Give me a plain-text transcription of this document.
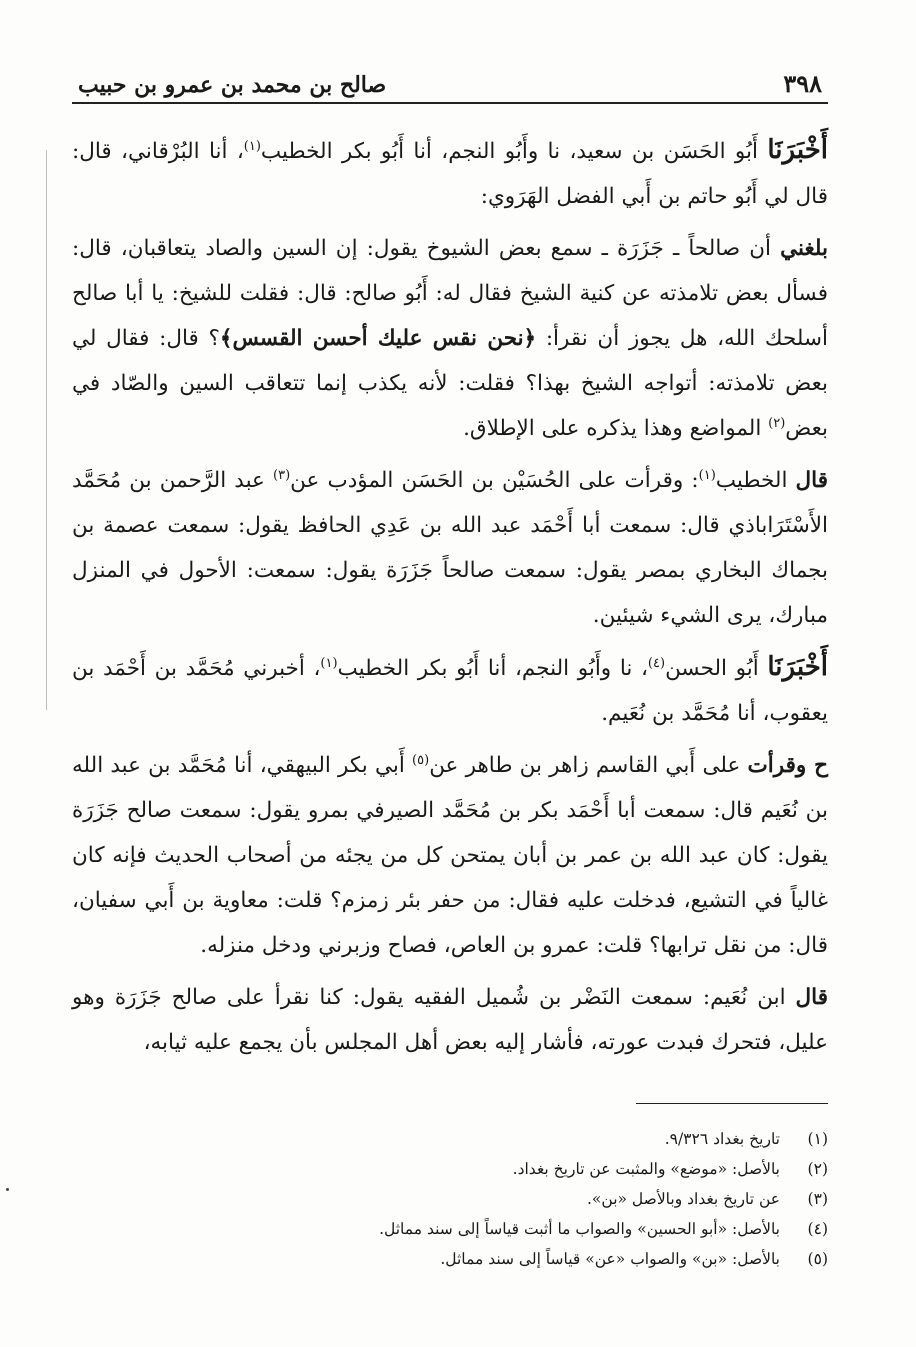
٣٩٨
صالح بن محمد بن عمرو بن حبيب

أَخْبَرَنَا أَبُو الحَسَن بن سعيد، نا وأَبُو النجم، أنا أَبُو بكر الخطيب$^{(١)}$، أنا البُرْقاني، قال: قال لي أَبُو حاتم بن أَبي الفضل الهَرَوي:

بلغني أن صالحاً ـ جَزَرَة ـ سمع بعض الشيوخ يقول: إن السين والصاد يتعاقبان، قال: فسأل بعض تلامذته عن كنية الشيخ فقال له: أَبُو صالح: قال: فقلت للشيخ: يا أبا صالح أسلحك الله، هل يجوز أن نقرأ: ﴿نحن نقس عليك أحسن القسس﴾؟ قال: فقال لي بعض تلامذته: أتواجه الشيخ بهذا؟ فقلت: لأنه يكذب إنما تتعاقب السين والصّاد في بعض$^{(٢)}$ المواضع وهذا يذكره على الإطلاق.

قال الخطيب$^{(١)}$: وقرأت على الحُسَيْن بن الحَسَن المؤدب عن$^{(٣)}$ عبد الرَّحمن بن مُحَمَّد الأَسْتَرَاباذي قال: سمعت أبا أَحْمَد عبد الله بن عَدِي الحافظ يقول: سمعت عصمة بن بجماك البخاري بمصر يقول: سمعت صالحاً جَزَرَة يقول: سمعت: الأحول في المنزل مبارك، يرى الشيء شيئين.

أَخْبَرَنَا أَبُو الحسن$^{(٤)}$، نا وأَبُو النجم، أنا أَبُو بكر الخطيب$^{(١)}$، أخبرني مُحَمَّد بن أَحْمَد بن يعقوب، أنا مُحَمَّد بن نُعَيم.

ح وقرأت على أَبي القاسم زاهر بن طاهر عن$^{(٥)}$ أَبي بكر البيهقي، أنا مُحَمَّد بن عبد الله بن نُعَيم قال: سمعت أبا أَحْمَد بكر بن مُحَمَّد الصيرفي بمرو يقول: سمعت صالح جَزَرَة يقول: كان عبد الله بن عمر بن أبان يمتحن كل من يجئه من أصحاب الحديث فإنه كان غالياً في التشيع، فدخلت عليه فقال: من حفر بئر زمزم؟ قلت: معاوية بن أَبي سفيان، قال: من نقل ترابها؟ قلت: عمرو بن العاص، فصاح وزبرني ودخل منزله.

قال ابن نُعَيم: سمعت النَضْر بن شُميل الفقيه يقول: كنا نقرأ على صالح جَزَرَة وهو عليل، فتحرك فبدت عورته، فأشار إليه بعض أهل المجلس بأن يجمع عليه ثيابه،

(١)
تاريخ بغداد ٩/٣٢٦.
(٢)
بالأصل: «موضع» والمثبت عن تاريخ بغداد.
(٣)
عن تاريخ بغداد وبالأصل «بن».
(٤)
بالأصل: «أبو الحسين» والصواب ما أثبت قياساً إلى سند مماثل.
(٥)
بالأصل: «بن» والصواب «عن» قياساً إلى سند مماثل.
